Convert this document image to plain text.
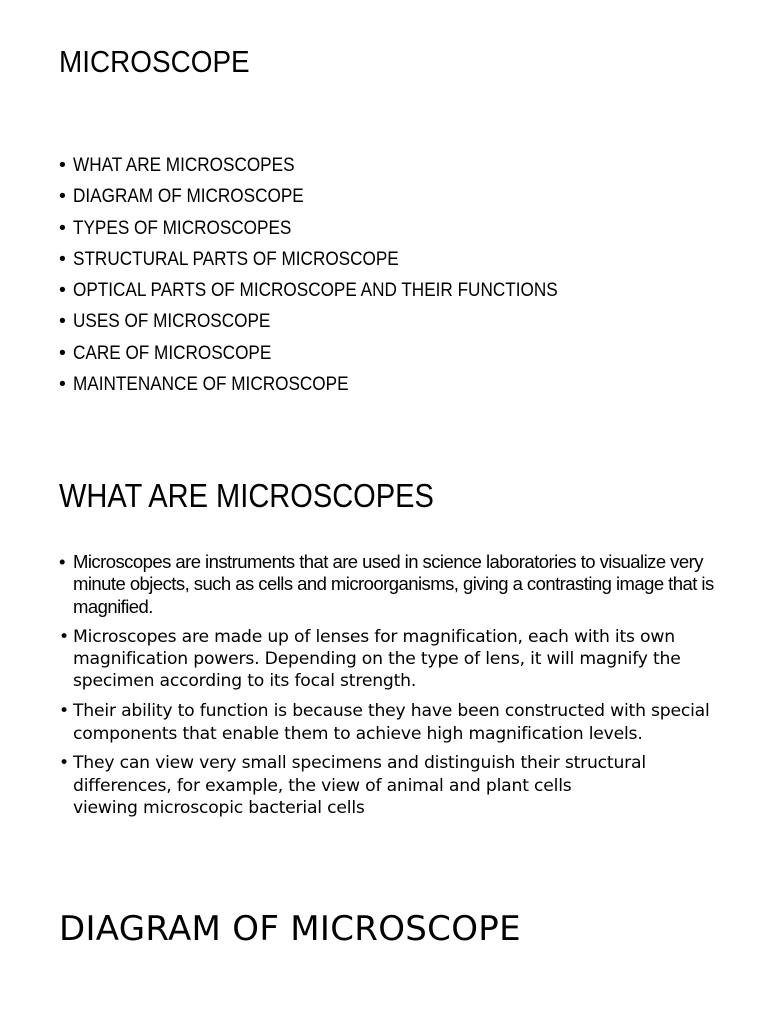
MICROSCOPE
• WHAT ARE MICROSCOPES
• DIAGRAM OF MICROSCOPE
• TYPES OF MICROSCOPES
• STRUCTURAL PARTS OF MICROSCOPE
• OPTICAL PARTS OF MICROSCOPE AND THEIR FUNCTIONS
• USES OF MICROSCOPE
• CARE OF MICROSCOPE
• MAINTENANCE OF MICROSCOPE
WHAT ARE MICROSCOPES
• Microscopes are instruments that are used in science laboratories to visualize very
minute objects, such as cells and microorganisms, giving a contrasting image that is
magnified.
• Microscopes are made up of lenses for magnification, each with its own
magnification powers. Depending on the type of lens, it will magnify the
specimen according to its focal strength.
• Their ability to function is because they have been constructed with special
components that enable them to achieve high magnification levels.
• They can view very small specimens and distinguish their structural
differences, for example, the view of animal and plant cells
viewing microscopic bacterial cells
DIAGRAM OF MICROSCOPE
